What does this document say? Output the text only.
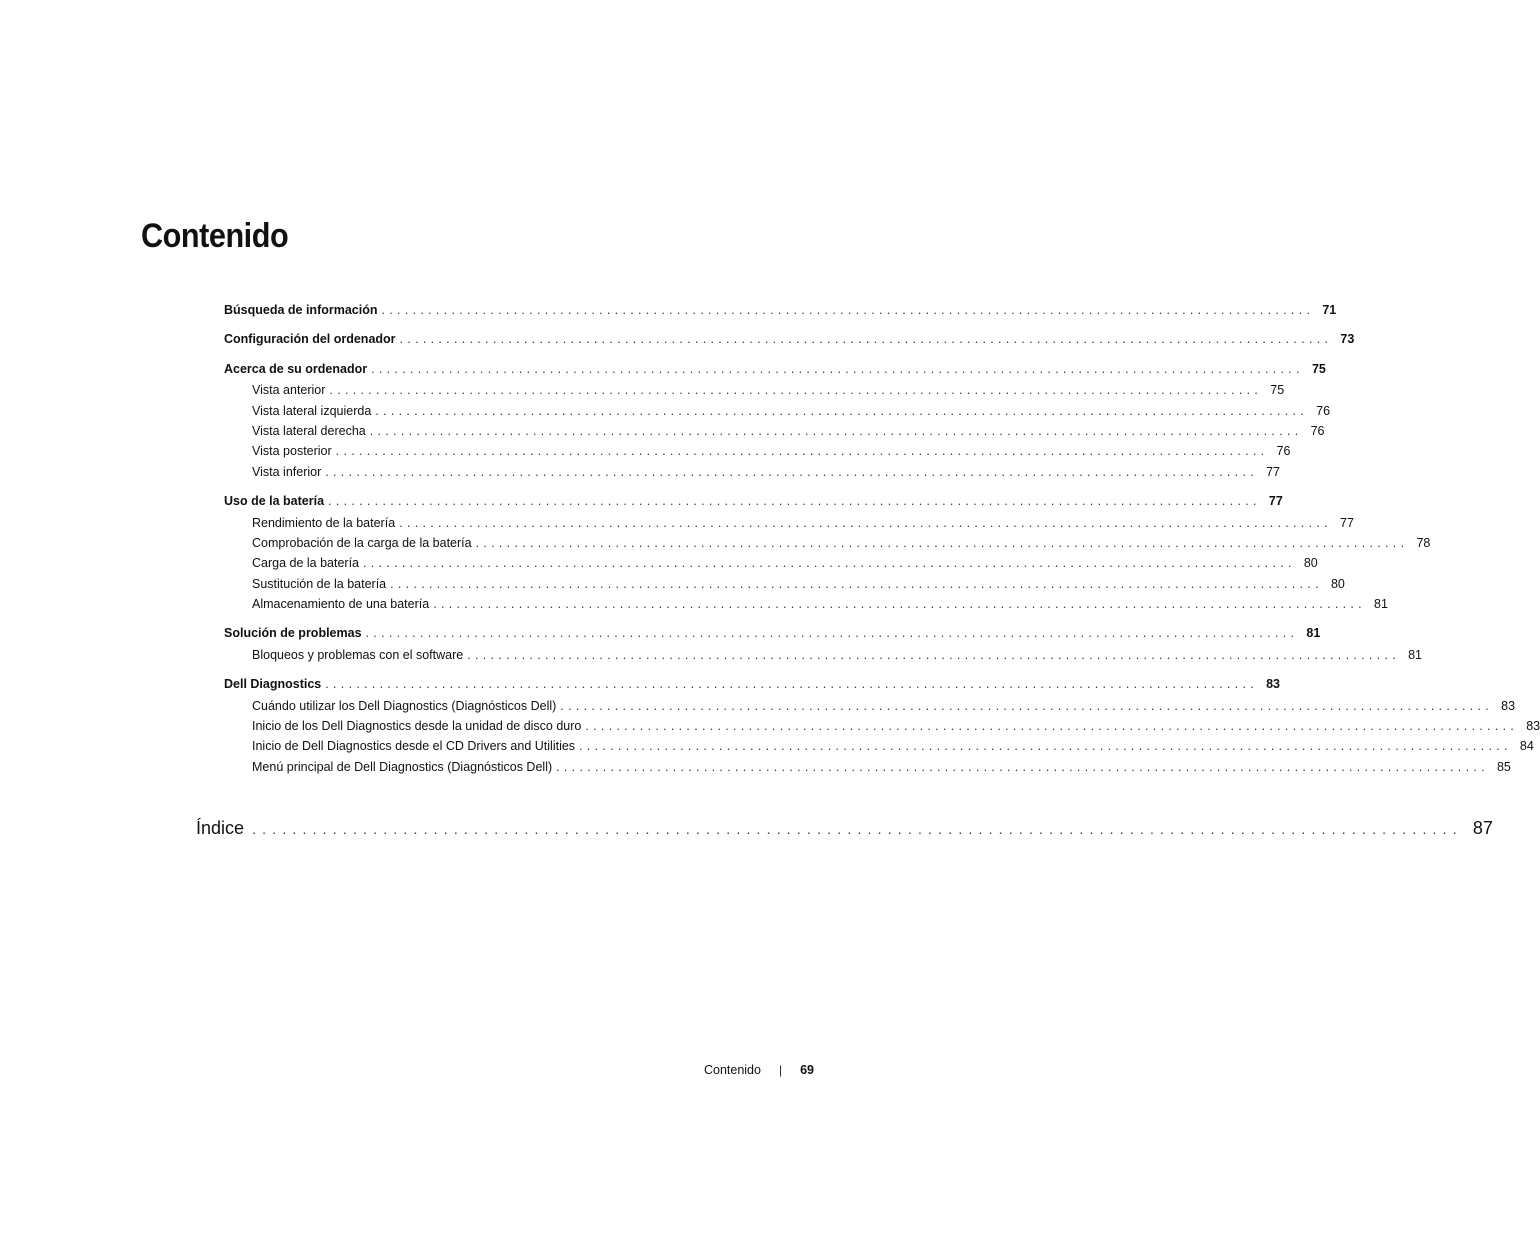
Contenido
Búsqueda de información ........................................................................................................................ 71
Configuración del ordenador ........................................................................................................................ 73
Acerca de su ordenador ........................................................................................................................ 75
Vista anterior ........................................................................................................................ 75
Vista lateral izquierda ........................................................................................................................ 76
Vista lateral derecha ........................................................................................................................ 76
Vista posterior ........................................................................................................................ 76
Vista inferior ........................................................................................................................ 77
Uso de la batería ........................................................................................................................ 77
Rendimiento de la batería ........................................................................................................................ 77
Comprobación de la carga de la batería ........................................................................................................................ 78
Carga de la batería ........................................................................................................................ 80
Sustitución de la batería ........................................................................................................................ 80
Almacenamiento de una batería ........................................................................................................................ 81
Solución de problemas ........................................................................................................................ 81
Bloqueos y problemas con el software ........................................................................................................................ 81
Dell Diagnostics ........................................................................................................................ 83
Cuándo utilizar los Dell Diagnostics (Diagnósticos Dell) ........................................................................................................................ 83
Inicio de los Dell Diagnostics desde la unidad de disco duro ........................................................................................................................ 83
Inicio de Dell Diagnostics desde el CD Drivers and Utilities ........................................................................................................................ 84
Menú principal de Dell Diagnostics (Diagnósticos Dell) ........................................................................................................................ 85
Índice ........................................................................................................................ 87
Contenido | 69
